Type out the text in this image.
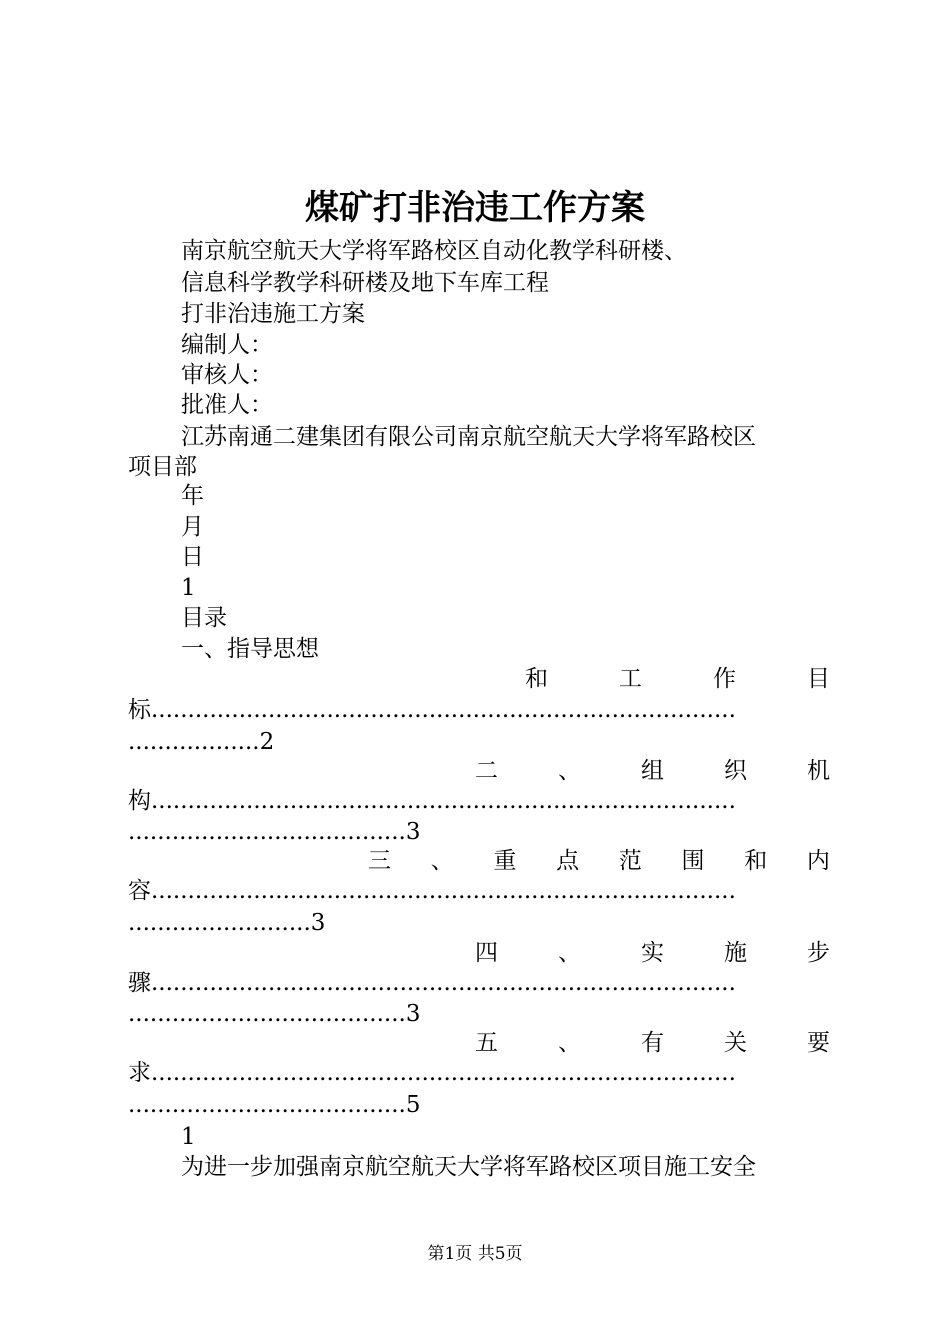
煤矿打非治违工作方案
南京航空航天大学将军路校区自动化教学科研楼、
信息科学教学科研楼及地下车库工程
打非治违施工方案
编制人：
审核人：
批准人：
江苏南通二建集团有限公司南京航空航天大学将军路校区
项目部
年
月
日
1
目录
一、指导思想
和	工	作	目
标................................................................................
..................2
二	、	组	织	机
构................................................................................
......................................3
三 、 重 点 范 围 和 内
容................................................................................
.........................3
四	、	实	施	步
骤................................................................................
......................................3
五	、	有	关	要
求................................................................................
......................................5
1
为进一步加强南京航空航天大学将军路校区项目施工安全
第1页 共5页
